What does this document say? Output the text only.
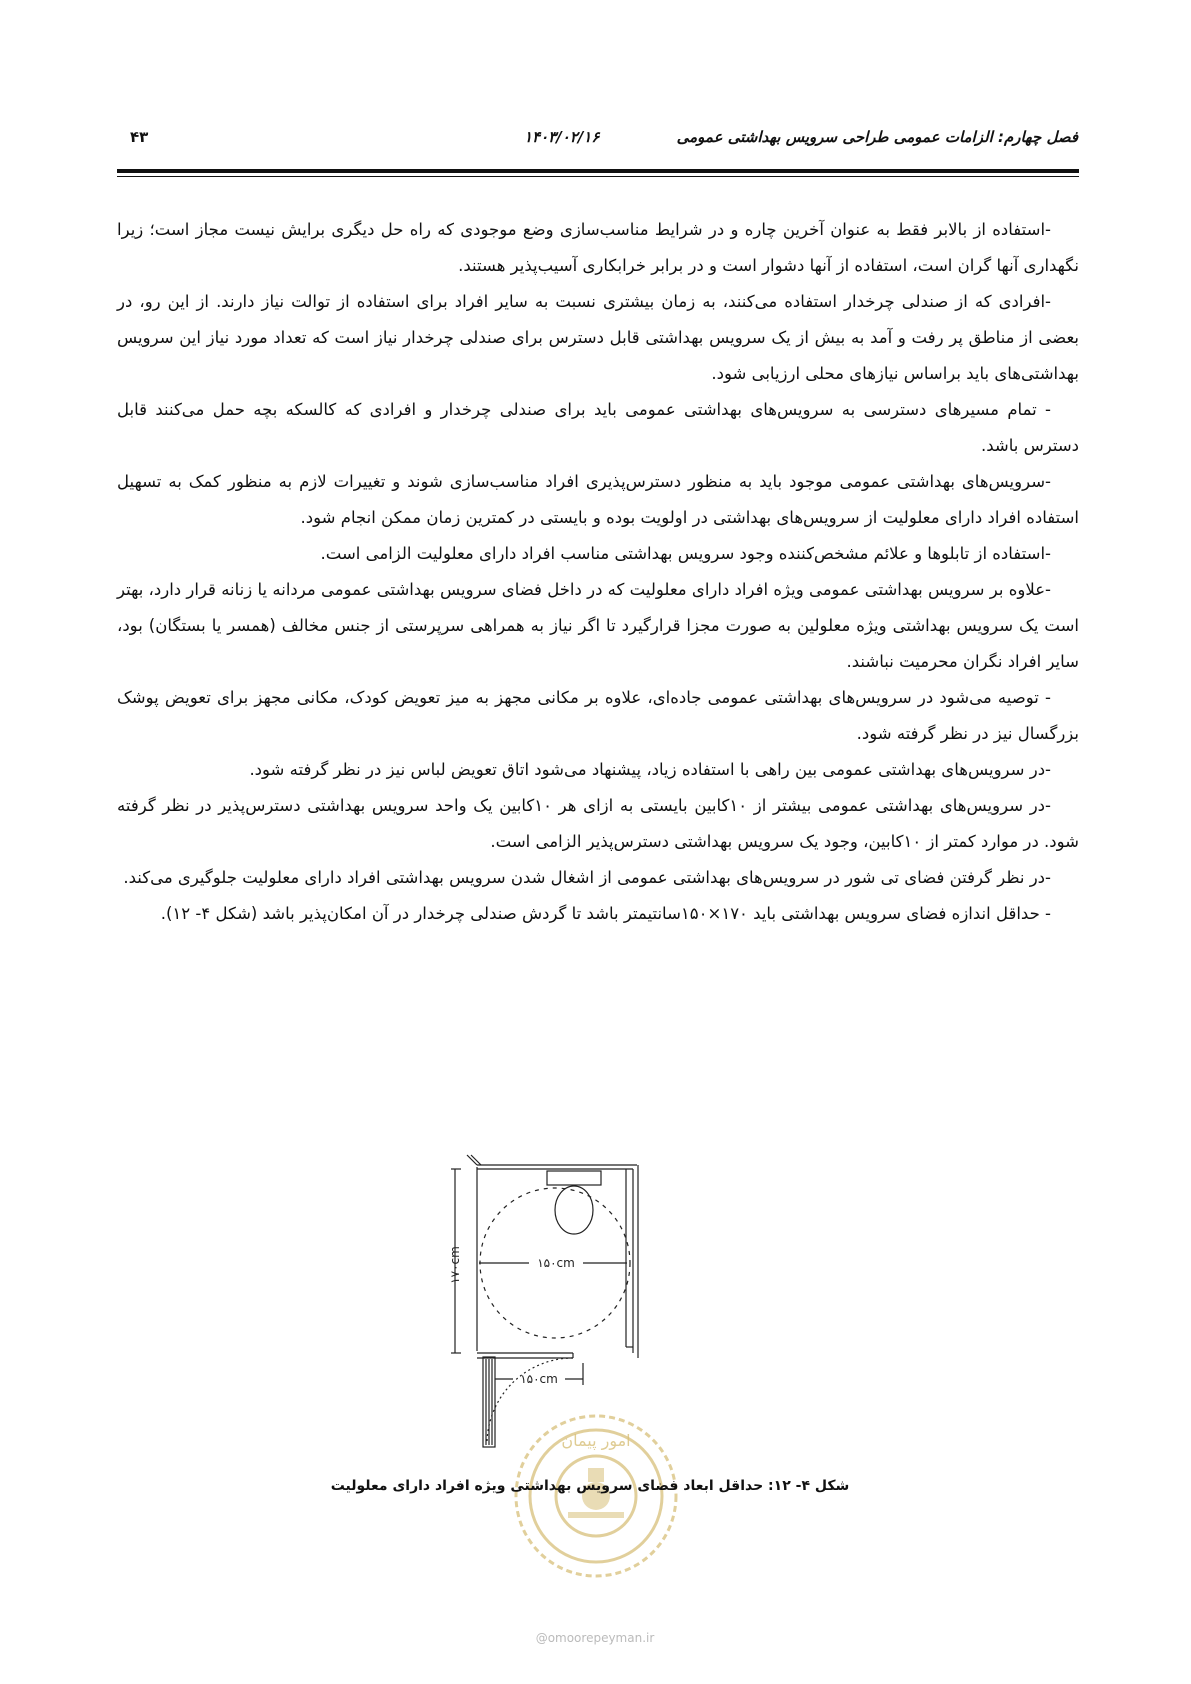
فصل چهارم: الزامات عمومی طراحی سرویس بهداشتی عمومی
۱۴۰۳/۰۲/۱۶
۴۳

-استفاده از بالابر فقط به عنوان آخرین چاره و در شرایط مناسب‌سازی وضع موجودی که راه حل دیگری برایش نیست مجاز است؛ زیرا نگهداری آنها گران است، استفاده از آنها دشوار است و در برابر خرابکاری آسیب‌پذیر هستند.

-افرادی که از صندلی چرخدار استفاده می‌کنند، به زمان بیشتری نسبت به سایر افراد برای استفاده از توالت نیاز دارند. از این رو، در بعضی از مناطق پر رفت و آمد به بیش از یک سرویس بهداشتی قابل دسترس برای صندلی چرخدار نیاز است که تعداد مورد نیاز این سرویس بهداشتی‌های باید براساس نیازهای محلی ارزیابی شود.

- تمام مسیرهای دسترسی به سرویس‌های بهداشتی عمومی باید برای صندلی چرخدار و افرادی که کالسکه بچه حمل می‌کنند قابل دسترس باشد.

-سرویس‌های بهداشتی عمومی موجود باید به منظور دسترس‌پذیری افراد مناسب‌سازی شوند و تغییرات لازم به منظور کمک به تسهیل استفاده افراد دارای معلولیت از سرویس‌های بهداشتی در اولویت بوده و بایستی در کمترین زمان ممکن انجام شود.

-استفاده از تابلوها و علائم مشخص‌کننده وجود سرویس بهداشتی مناسب افراد دارای معلولیت الزامی است.

-علاوه بر سرویس بهداشتی عمومی ویژه افراد دارای معلولیت که در داخل فضای سرویس بهداشتی عمومی مردانه یا زنانه قرار دارد، بهتر است یک سرویس بهداشتی ویژه معلولین به صورت مجزا قرارگیرد تا اگر نیاز به همراهی سرپرستی از جنس مخالف (همسر یا بستگان) بود، سایر افراد نگران محرمیت نباشند.

- توصیه می‌شود در سرویس‌های بهداشتی عمومی جاده‌ای، علاوه بر مکانی مجهز به میز تعویض کودک، مکانی مجهز برای تعویض پوشک بزرگسال نیز در نظر گرفته شود.

-در سرویس‌های بهداشتی عمومی بین راهی با استفاده زیاد، پیشنهاد می‌شود اتاق تعویض لباس نیز در نظر گرفته شود.

-در سرویس‌های بهداشتی عمومی بیشتر از ۱۰کابین بایستی به ازای هر ۱۰کابین یک واحد سرویس بهداشتی دسترس‌پذیر در نظر گرفته شود. در موارد کمتر از ۱۰کابین، وجود یک سرویس بهداشتی دسترس‌پذیر الزامی است.

-در نظر گرفتن فضای تی شور در سرویس‌های بهداشتی عمومی از اشغال شدن سرویس بهداشتی افراد دارای معلولیت جلوگیری می‌کند.

- حداقل اندازه فضای سرویس بهداشتی باید ۱۷۰×۱۵۰سانتیمتر باشد تا گردش صندلی چرخدار در آن امکان‌پذیر باشد (شکل ۴- ۱۲).

امور پیمان
۱۷۰cm	۱۵۰cm
۱۵۰cm
شکل ۴- ۱۲: حداقل ابعاد فضای سرویس بهداشتی ویژه افراد دارای معلولیت
@omoorepeyman.ir
